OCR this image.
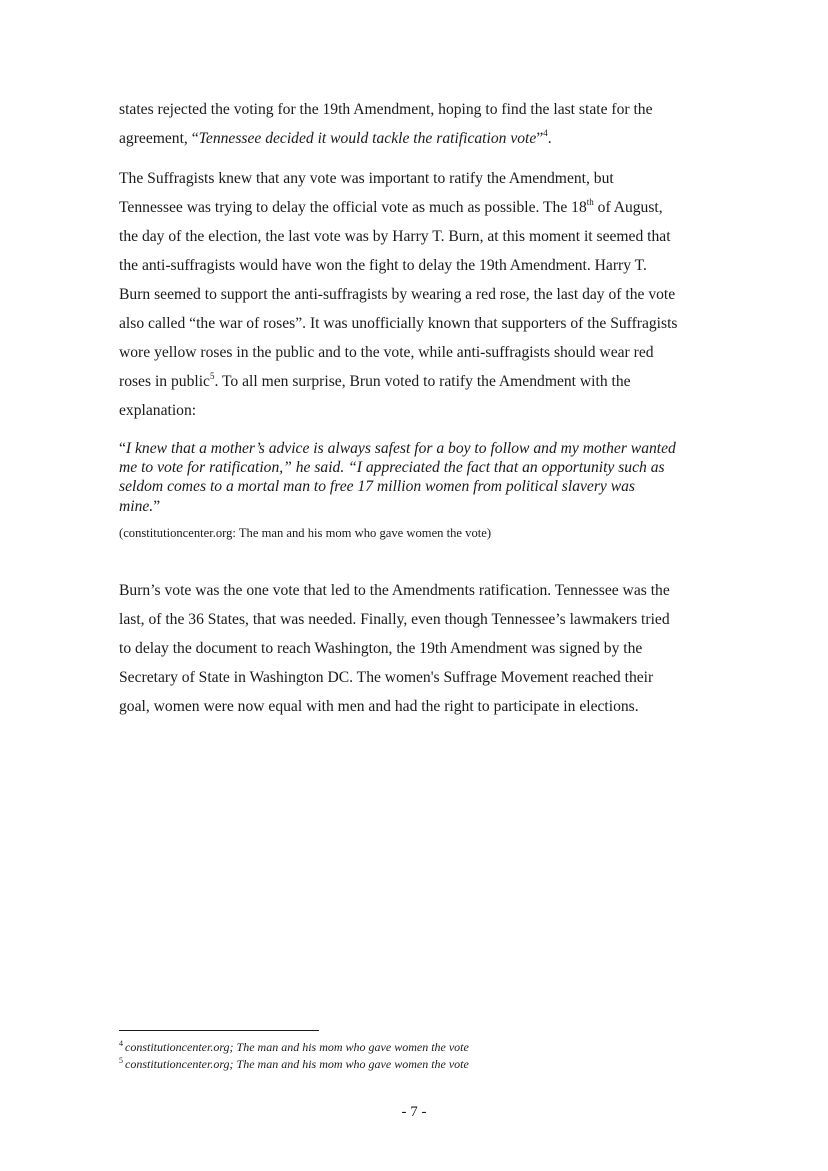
states rejected the voting for the 19th Amendment, hoping to find the last state for the agreement, “Tennessee decided it would tackle the ratification vote”$^4$.

The Suffragists knew that any vote was important to ratify the Amendment, but Tennessee was trying to delay the official vote as much as possible. The 18th of August, the day of the election, the last vote was by Harry T. Burn, at this moment it seemed that the anti-suffragists would have won the fight to delay the 19th Amendment. Harry T. Burn seemed to support the anti-suffragists by wearing a red rose, the last day of the vote also called “the war of roses”. It was unofficially known that supporters of the Suffragists wore yellow roses in the public and to the vote, while anti-suffragists should wear red roses in public$^5$. To all men surprise, Brun voted to ratify the Amendment with the explanation:

“I knew that a mother’s advice is always safest for a boy to follow and my mother wanted me to vote for ratification,” he said. “I appreciated the fact that an opportunity such as seldom comes to a mortal man to free 17 million women from political slavery was mine.”

(constitutioncenter.org: The man and his mom who gave women the vote)

Burn’s vote was the one vote that led to the Amendments ratification. Tennessee was the last, of the 36 States, that was needed. Finally, even though Tennessee’s lawmakers tried to delay the document to reach Washington, the 19th Amendment was signed by the Secretary of State in Washington DC. The women's Suffrage Movement reached their goal, women were now equal with men and had the right to participate in elections.

$^4$ constitutioncenter.org; The man and his mom who gave women the vote

$^5$ constitutioncenter.org; The man and his mom who gave women the vote

- 7 -
